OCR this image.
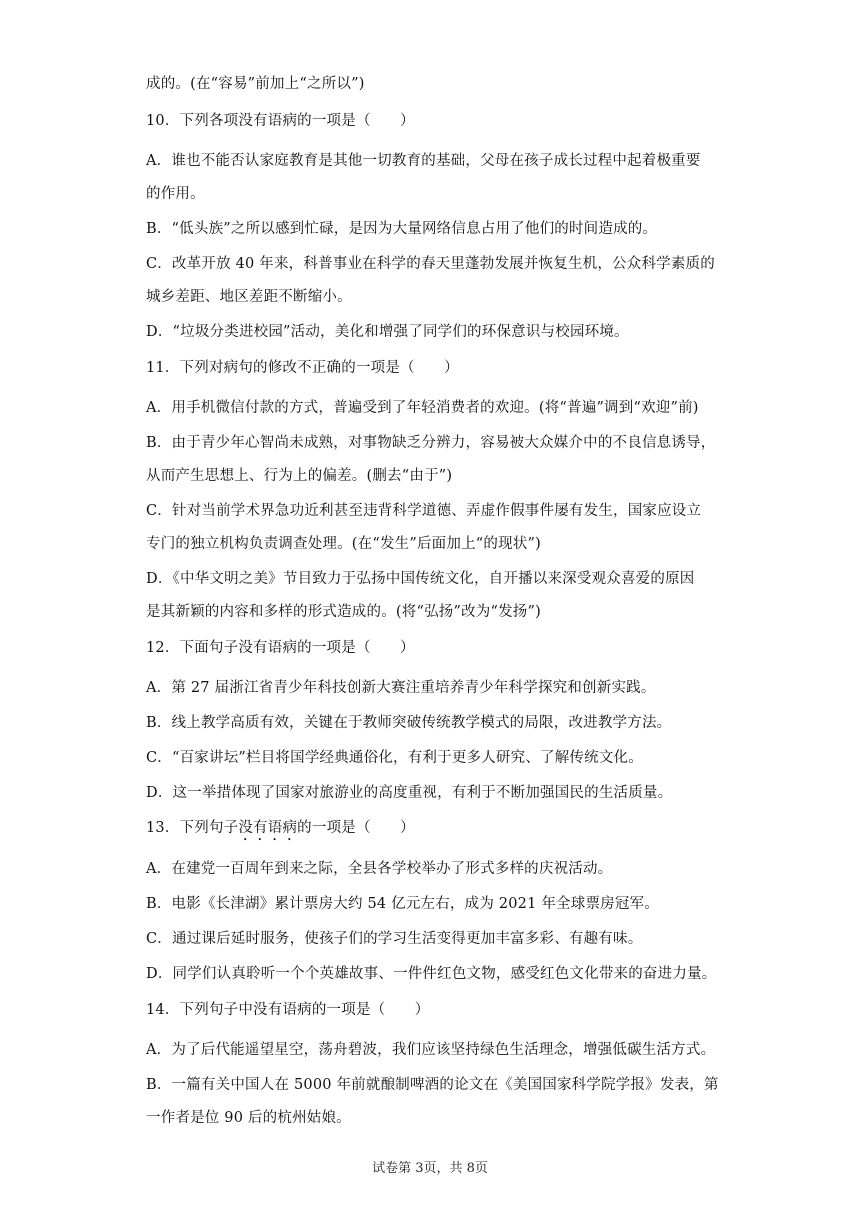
成的。(在“容易”前加上“之所以”)
10．下列各项没有语病的一项是（　　）
A．谁也不能否认家庭教育是其他一切教育的基础，父母在孩子成长过程中起着极重要
的作用。
B．“低头族”之所以感到忙碌，是因为大量网络信息占用了他们的时间造成的。
C．改革开放 40 年来，科普事业在科学的春天里蓬勃发展并恢复生机，公众科学素质的
城乡差距、地区差距不断缩小。
D．“垃圾分类进校园”活动，美化和增强了同学们的环保意识与校园环境。
11．下列对病句的修改不正确的一项是（　　）
A．用手机微信付款的方式，普遍受到了年轻消费者的欢迎。(将“普遍”调到“欢迎”前)
B．由于青少年心智尚未成熟，对事物缺乏分辨力，容易被大众媒介中的不良信息诱导，
从而产生思想上、行为上的偏差。(删去“由于”)
C．针对当前学术界急功近利甚至违背科学道德、弄虚作假事件屡有发生，国家应设立
专门的独立机构负责调查处理。(在“发生”后面加上“的现状”)
D．《中华文明之美》节目致力于弘扬中国传统文化，自开播以来深受观众喜爱的原因
是其新颖的内容和多样的形式造成的。(将“弘扬”改为“发扬”)
12．下面句子没有语病的一项是（　　）
A．第 27 届浙江省青少年科技创新大赛注重培养青少年科学探究和创新实践。
B．线上教学高质有效，关键在于教师突破传统教学模式的局限，改进教学方法。
C．“百家讲坛”栏目将国学经典通俗化，有利于更多人研究、了解传统文化。
D．这一举措体现了国家对旅游业的高度重视，有利于不断加强国民的生活质量。
13．下列句子没有语病的一项是（　　）
A．在建党一百周年到来之际，全县各学校举办了形式多样的庆祝活动。
B．电影《长津湖》累计票房大约 54 亿元左右，成为 2021 年全球票房冠军。
C．通过课后延时服务，使孩子们的学习生活变得更加丰富多彩、有趣有味。
D．同学们认真聆听一个个英雄故事、一件件红色文物，感受红色文化带来的奋进力量。
14．下列句子中没有语病的一项是（　　）
A．为了后代能遥望星空，荡舟碧波，我们应该坚持绿色生活理念，增强低碳生活方式。
B．一篇有关中国人在 5000 年前就酿制啤酒的论文在《美国国家科学院学报》发表，第
一作者是位 90 后的杭州姑娘。
试卷第 3页，共 8页
